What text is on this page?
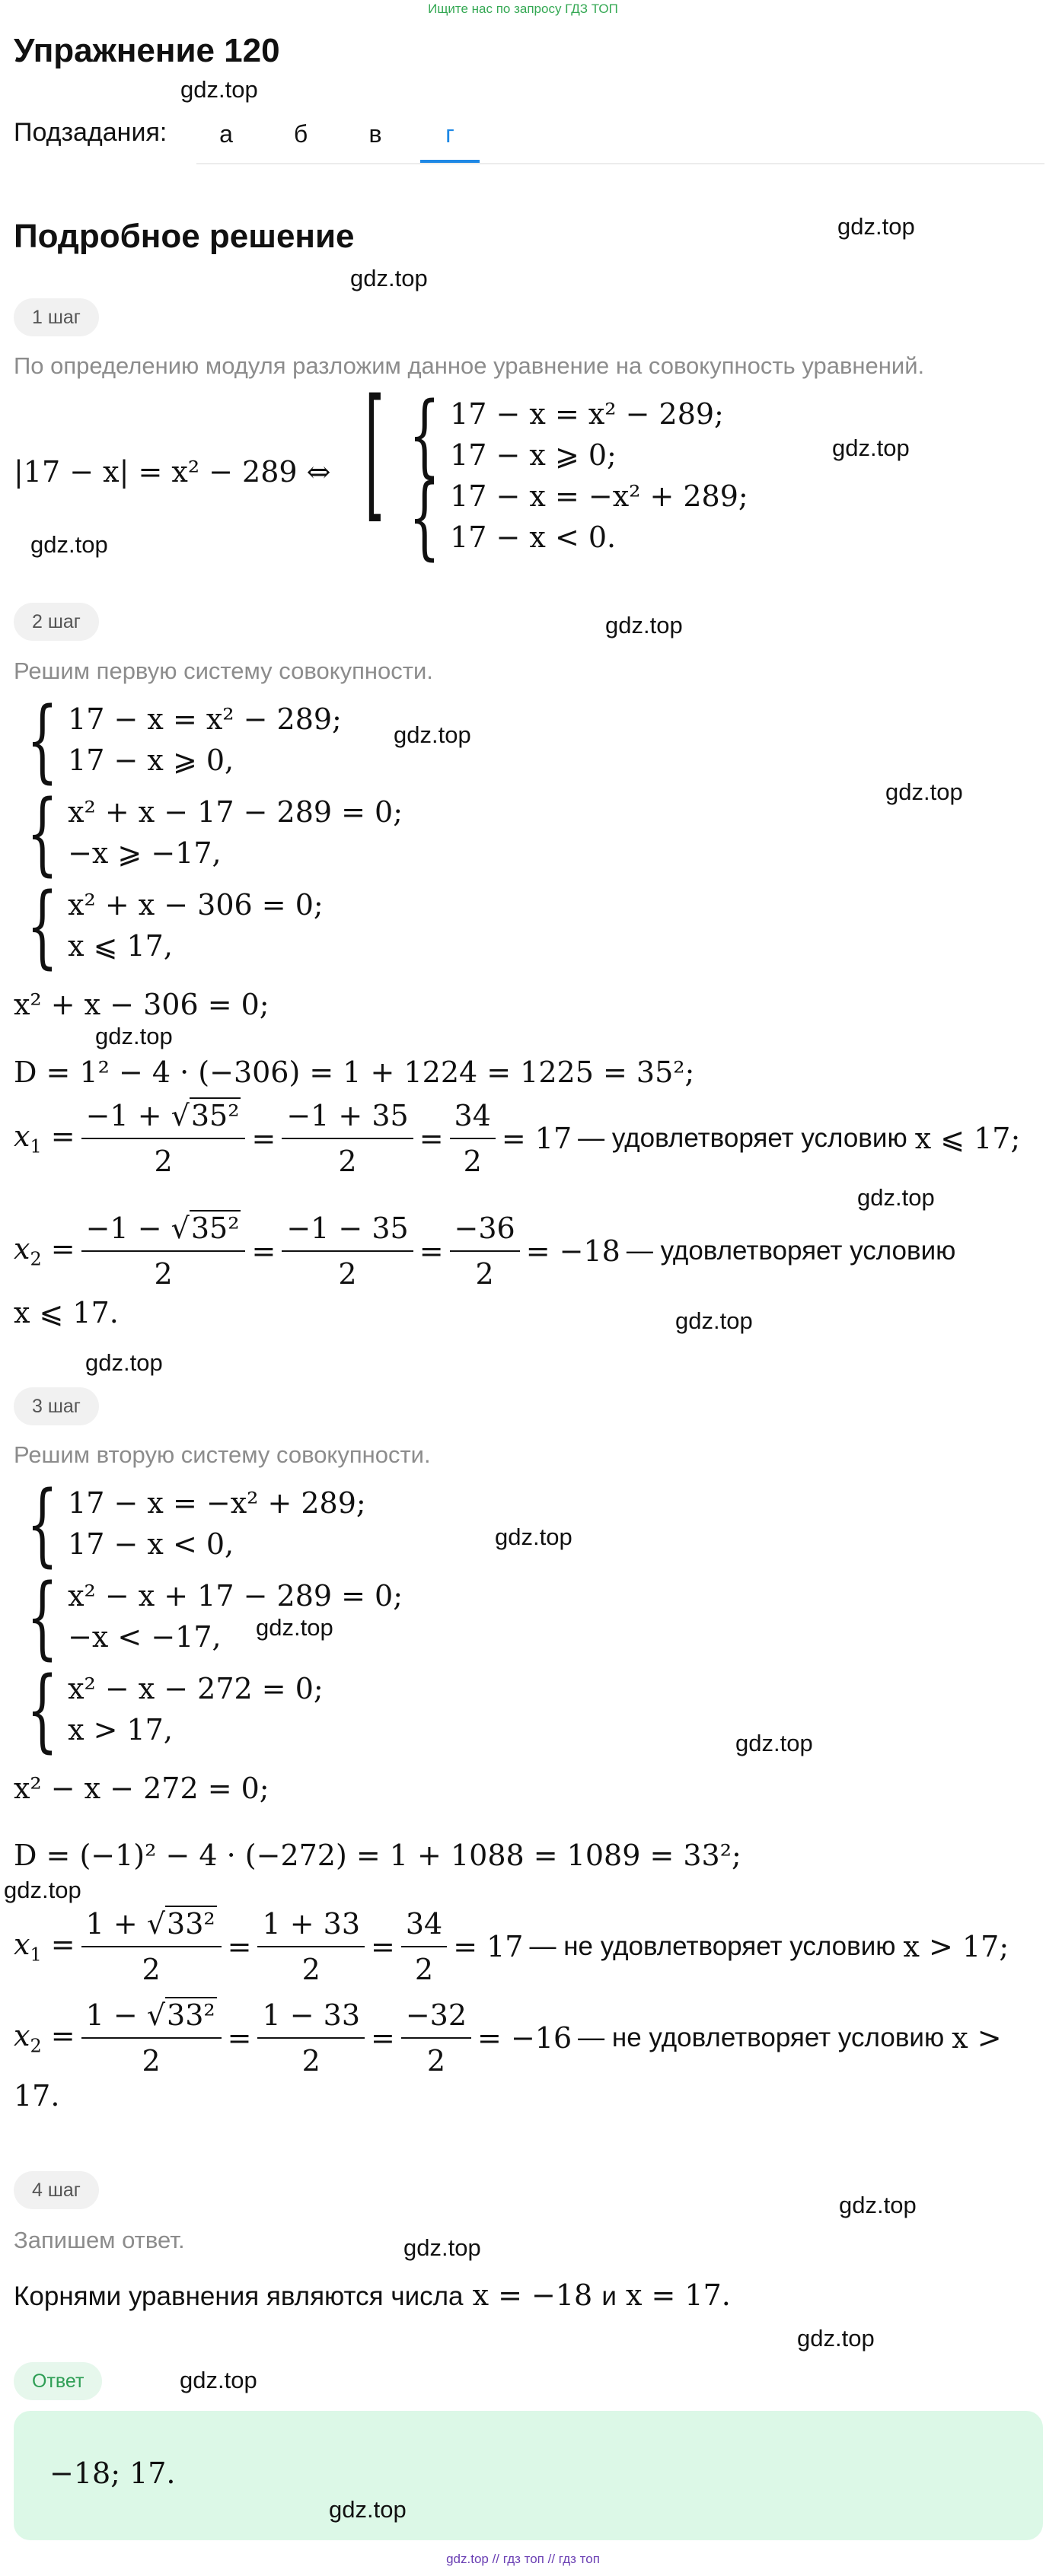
Ищите нас по запросу ГДЗ ТОП
Упражнение 120
gdz.top
Подзадания:	а	б	в	г
Подробное решение	gdz.top
gdz.top
1 шаг
По определению модуля разложим данное уравнение на совокупность уравнений.
|17 − x| = x² − 289 ⇔ [ { 17 − x = x² − 289;
17 − x ⩾ 0;
{ 17 − x = −x² + 289;
17 − x < 0.
gdz.top
gdz.top
2 шаг	gdz.top
Решим первую систему совокупности.
{ 17 − x = x² − 289;
17 − x ⩾ 0,
gdz.top
gdz.top
{ x² + x − 17 − 289 = 0;
−x ⩾ −17,
{ x² + x − 306 = 0;
x ⩽ 17,
x² + x − 306 = 0;
gdz.top
D = 1² − 4 · (−306) = 1 + 1224 = 1225 = 35²;
$x_1 = \frac{\text{−1 + √35²}}{2} = \frac{-1 + 35}{2} = \frac{34}{2} = 17$ — удовлетворяет условию x ⩽ 17;
gdz.top
$x_2 = \frac{\text{−1 − √35²}}{2} = \frac{-1 - 35}{2} = \frac{-36}{2} = -18$ — удовлетворяет условию
x ⩽ 17.	gdz.top
gdz.top
3 шаг
Решим вторую систему совокупности.
{ 17 − x = −x² + 289;
17 − x < 0,	gdz.top
{ x² − x + 17 − 289 = 0;
−x < −17,	gdz.top
{ x² − x − 272 = 0;
x > 17,	gdz.top
x² − x − 272 = 0;
D = (−1)² − 4 · (−272) = 1 + 1088 = 1089 = 33²;
gdz.top
$x_1 = \frac{\text{1 + √33²}}{2} = \frac{1 + 33}{2} = \frac{34}{2} = 17$ — не удовлетворяет условию x > 17;
$x_2 = \frac{\text{1 − √33²}}{2} = \frac{1 - 33}{2} = \frac{-32}{2} = -16$ — не удовлетворяет условию x >
17.
4 шаг
gdz.top
Запишем ответ.	gdz.top
Корнями уравнения являются числа x = −18 и x = 17.
gdz.top
Ответ	gdz.top
−18; 17.
gdz.top
gdz.top // гдз топ // гдз топ
